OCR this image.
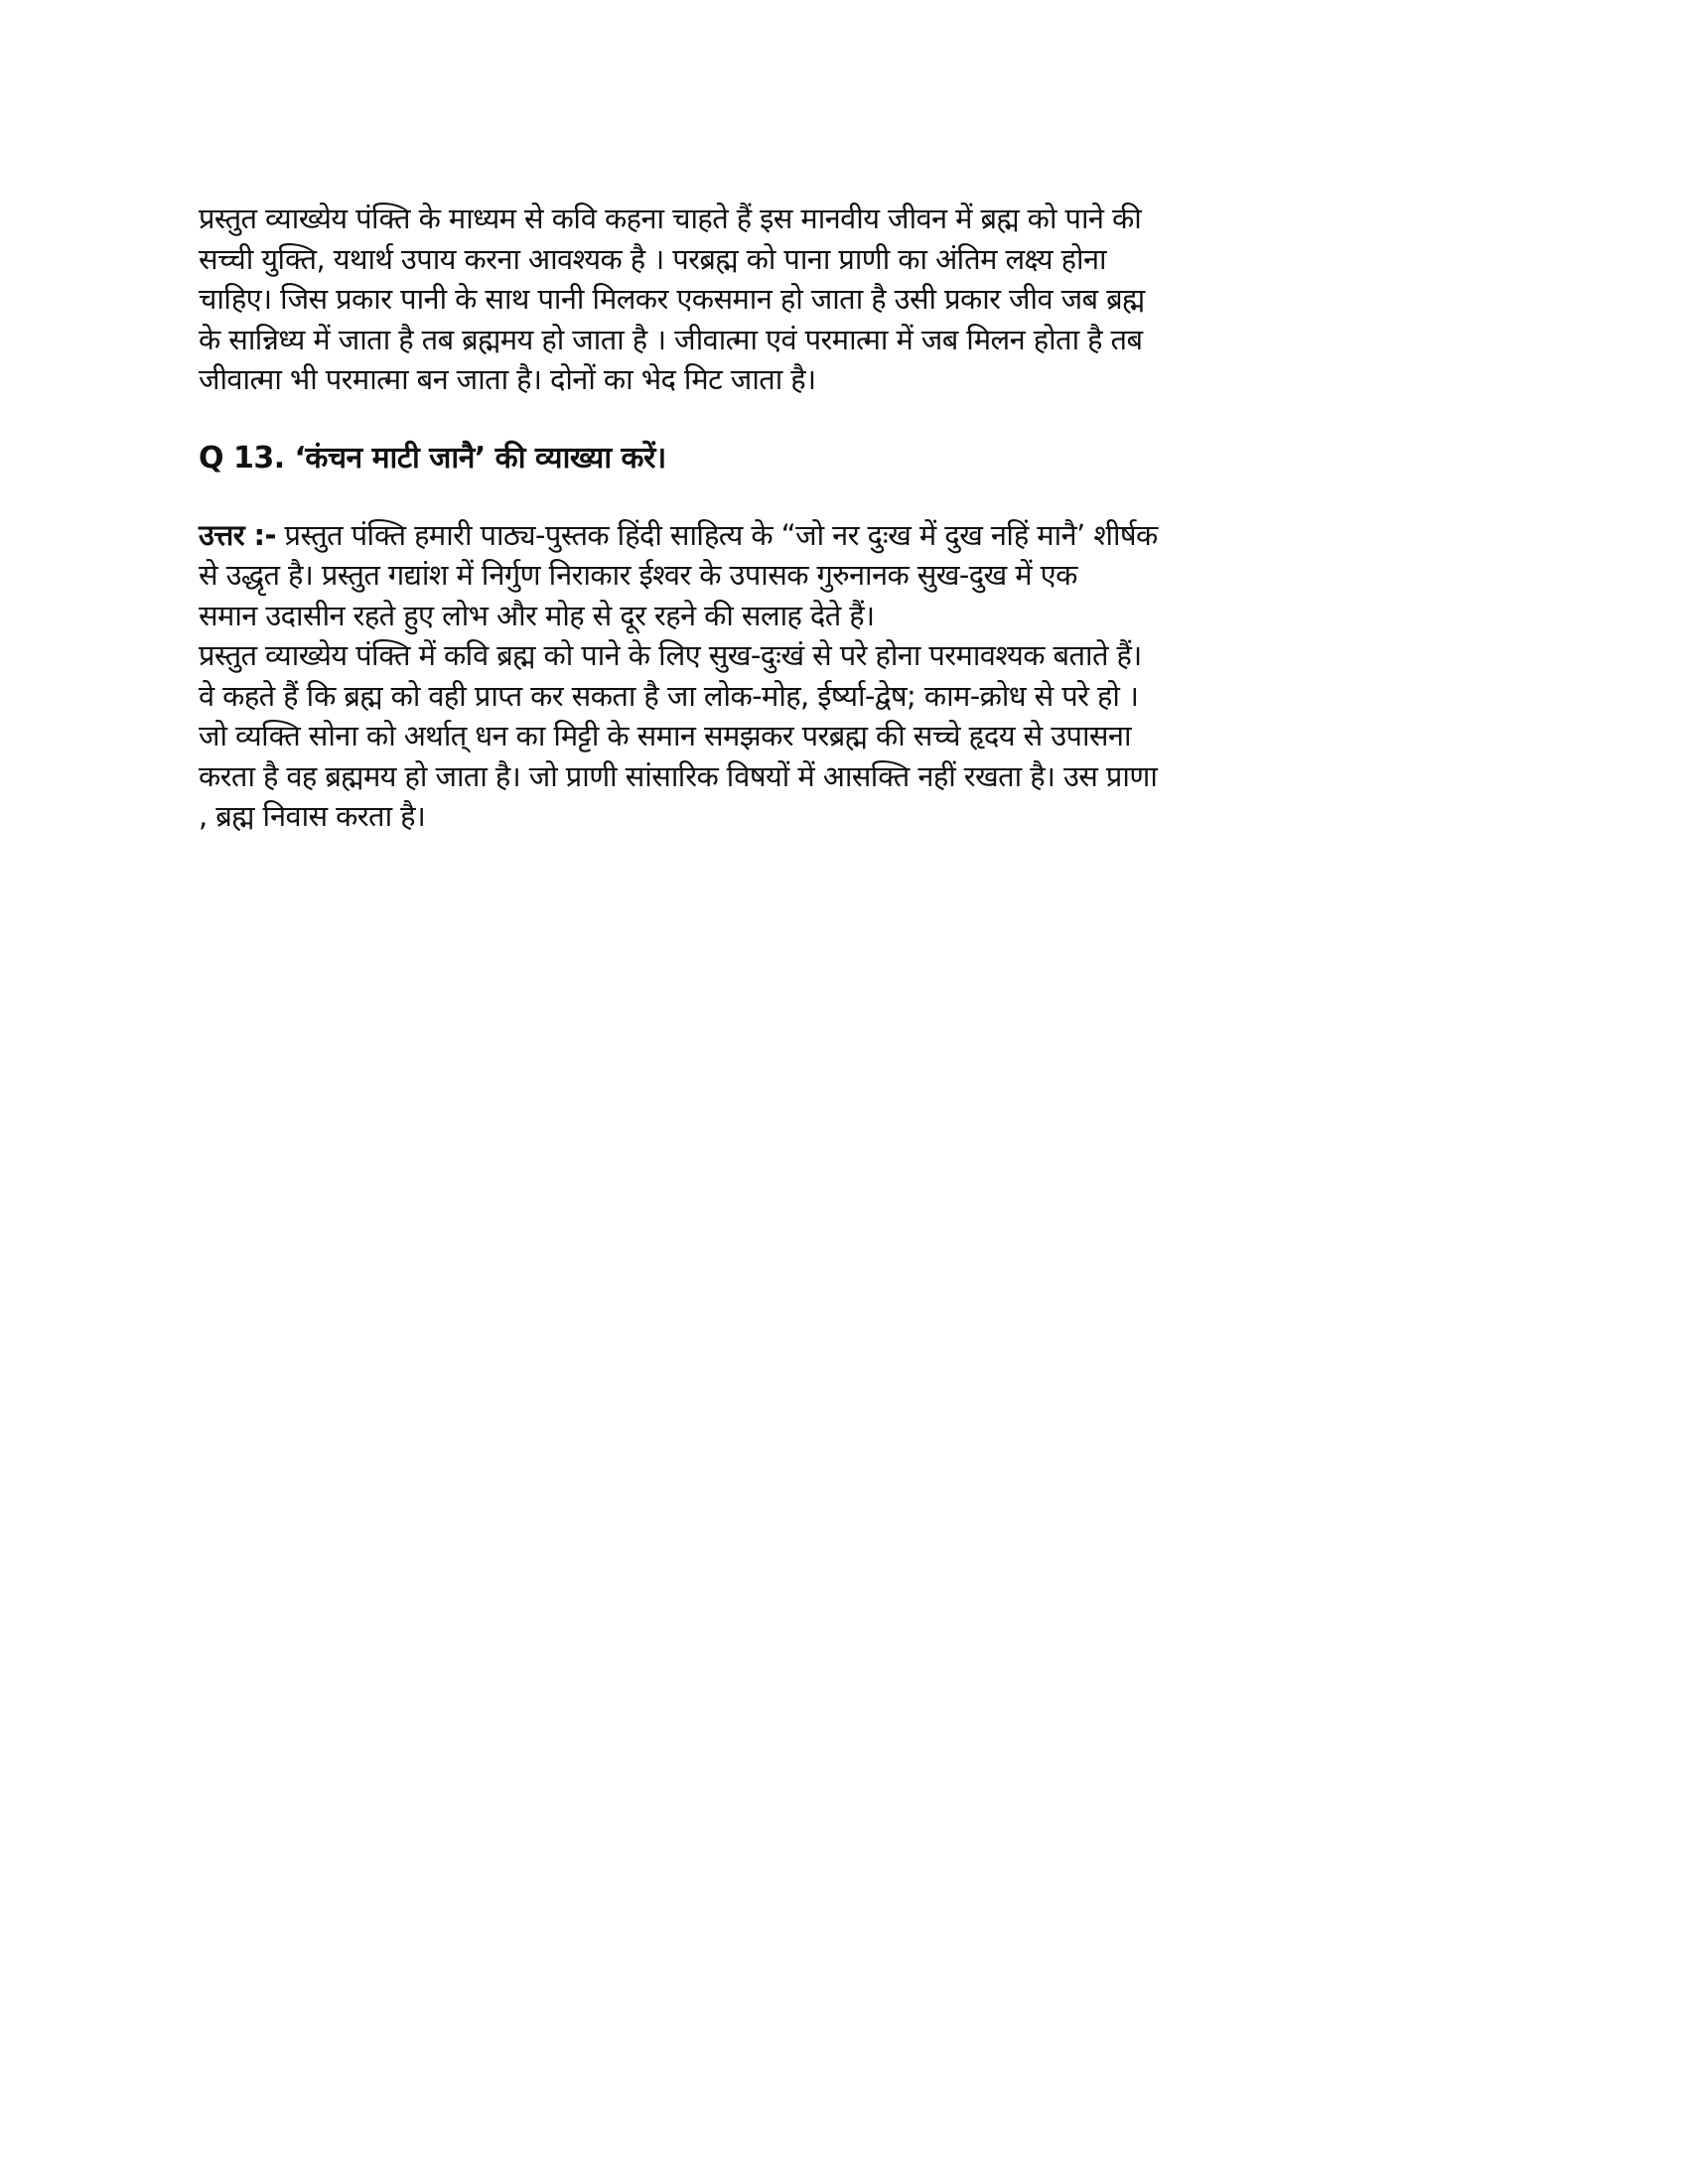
प्रस्तुत व्याख्येय पंक्ति के माध्यम से कवि कहना चाहते हैं इस मानवीय जीवन में ब्रह्म को पाने की
सच्ची युक्ति, यथार्थ उपाय करना आवश्यक है । परब्रह्म को पाना प्राणी का अंतिम लक्ष्य होना
चाहिए। जिस प्रकार पानी के साथ पानी मिलकर एकसमान हो जाता है उसी प्रकार जीव जब ब्रह्म
के सान्निध्य में जाता है तब ब्रह्ममय हो जाता है । जीवात्मा एवं परमात्मा में जब मिलन होता है तब
जीवात्मा भी परमात्मा बन जाता है। दोनों का भेद मिट जाता है।

Q 13. ‘कंचन माटी जानै’ की व्याख्या करें।

उत्तर :- प्रस्तुत पंक्ति हमारी पाठ्य-पुस्तक हिंदी साहित्य के “जो नर दुःख में दुख नहिं मानै’ शीर्षक
से उद्धृत है। प्रस्तुत गद्यांश में निर्गुण निराकार ईश्वर के उपासक गुरुनानक सुख-दुख में एक
समान उदासीन रहते हुए लोभ और मोह से दूर रहने की सलाह देते हैं।
प्रस्तुत व्याख्येय पंक्ति में कवि ब्रह्म को पाने के लिए सुख-दुःखं से परे होना परमावश्यक बताते हैं।
वे कहते हैं कि ब्रह्म को वही प्राप्त कर सकता है जा लोक-मोह, ईर्ष्या-द्वेष; काम-क्रोध से परे हो ।
जो व्यक्ति सोना को अर्थात् धन का मिट्टी के समान समझकर परब्रह्म की सच्चे हृदय से उपासना
करता है वह ब्रह्ममय हो जाता है। जो प्राणी सांसारिक विषयों में आसक्ति नहीं रखता है। उस प्राणा
, ब्रह्म निवास करता है।
